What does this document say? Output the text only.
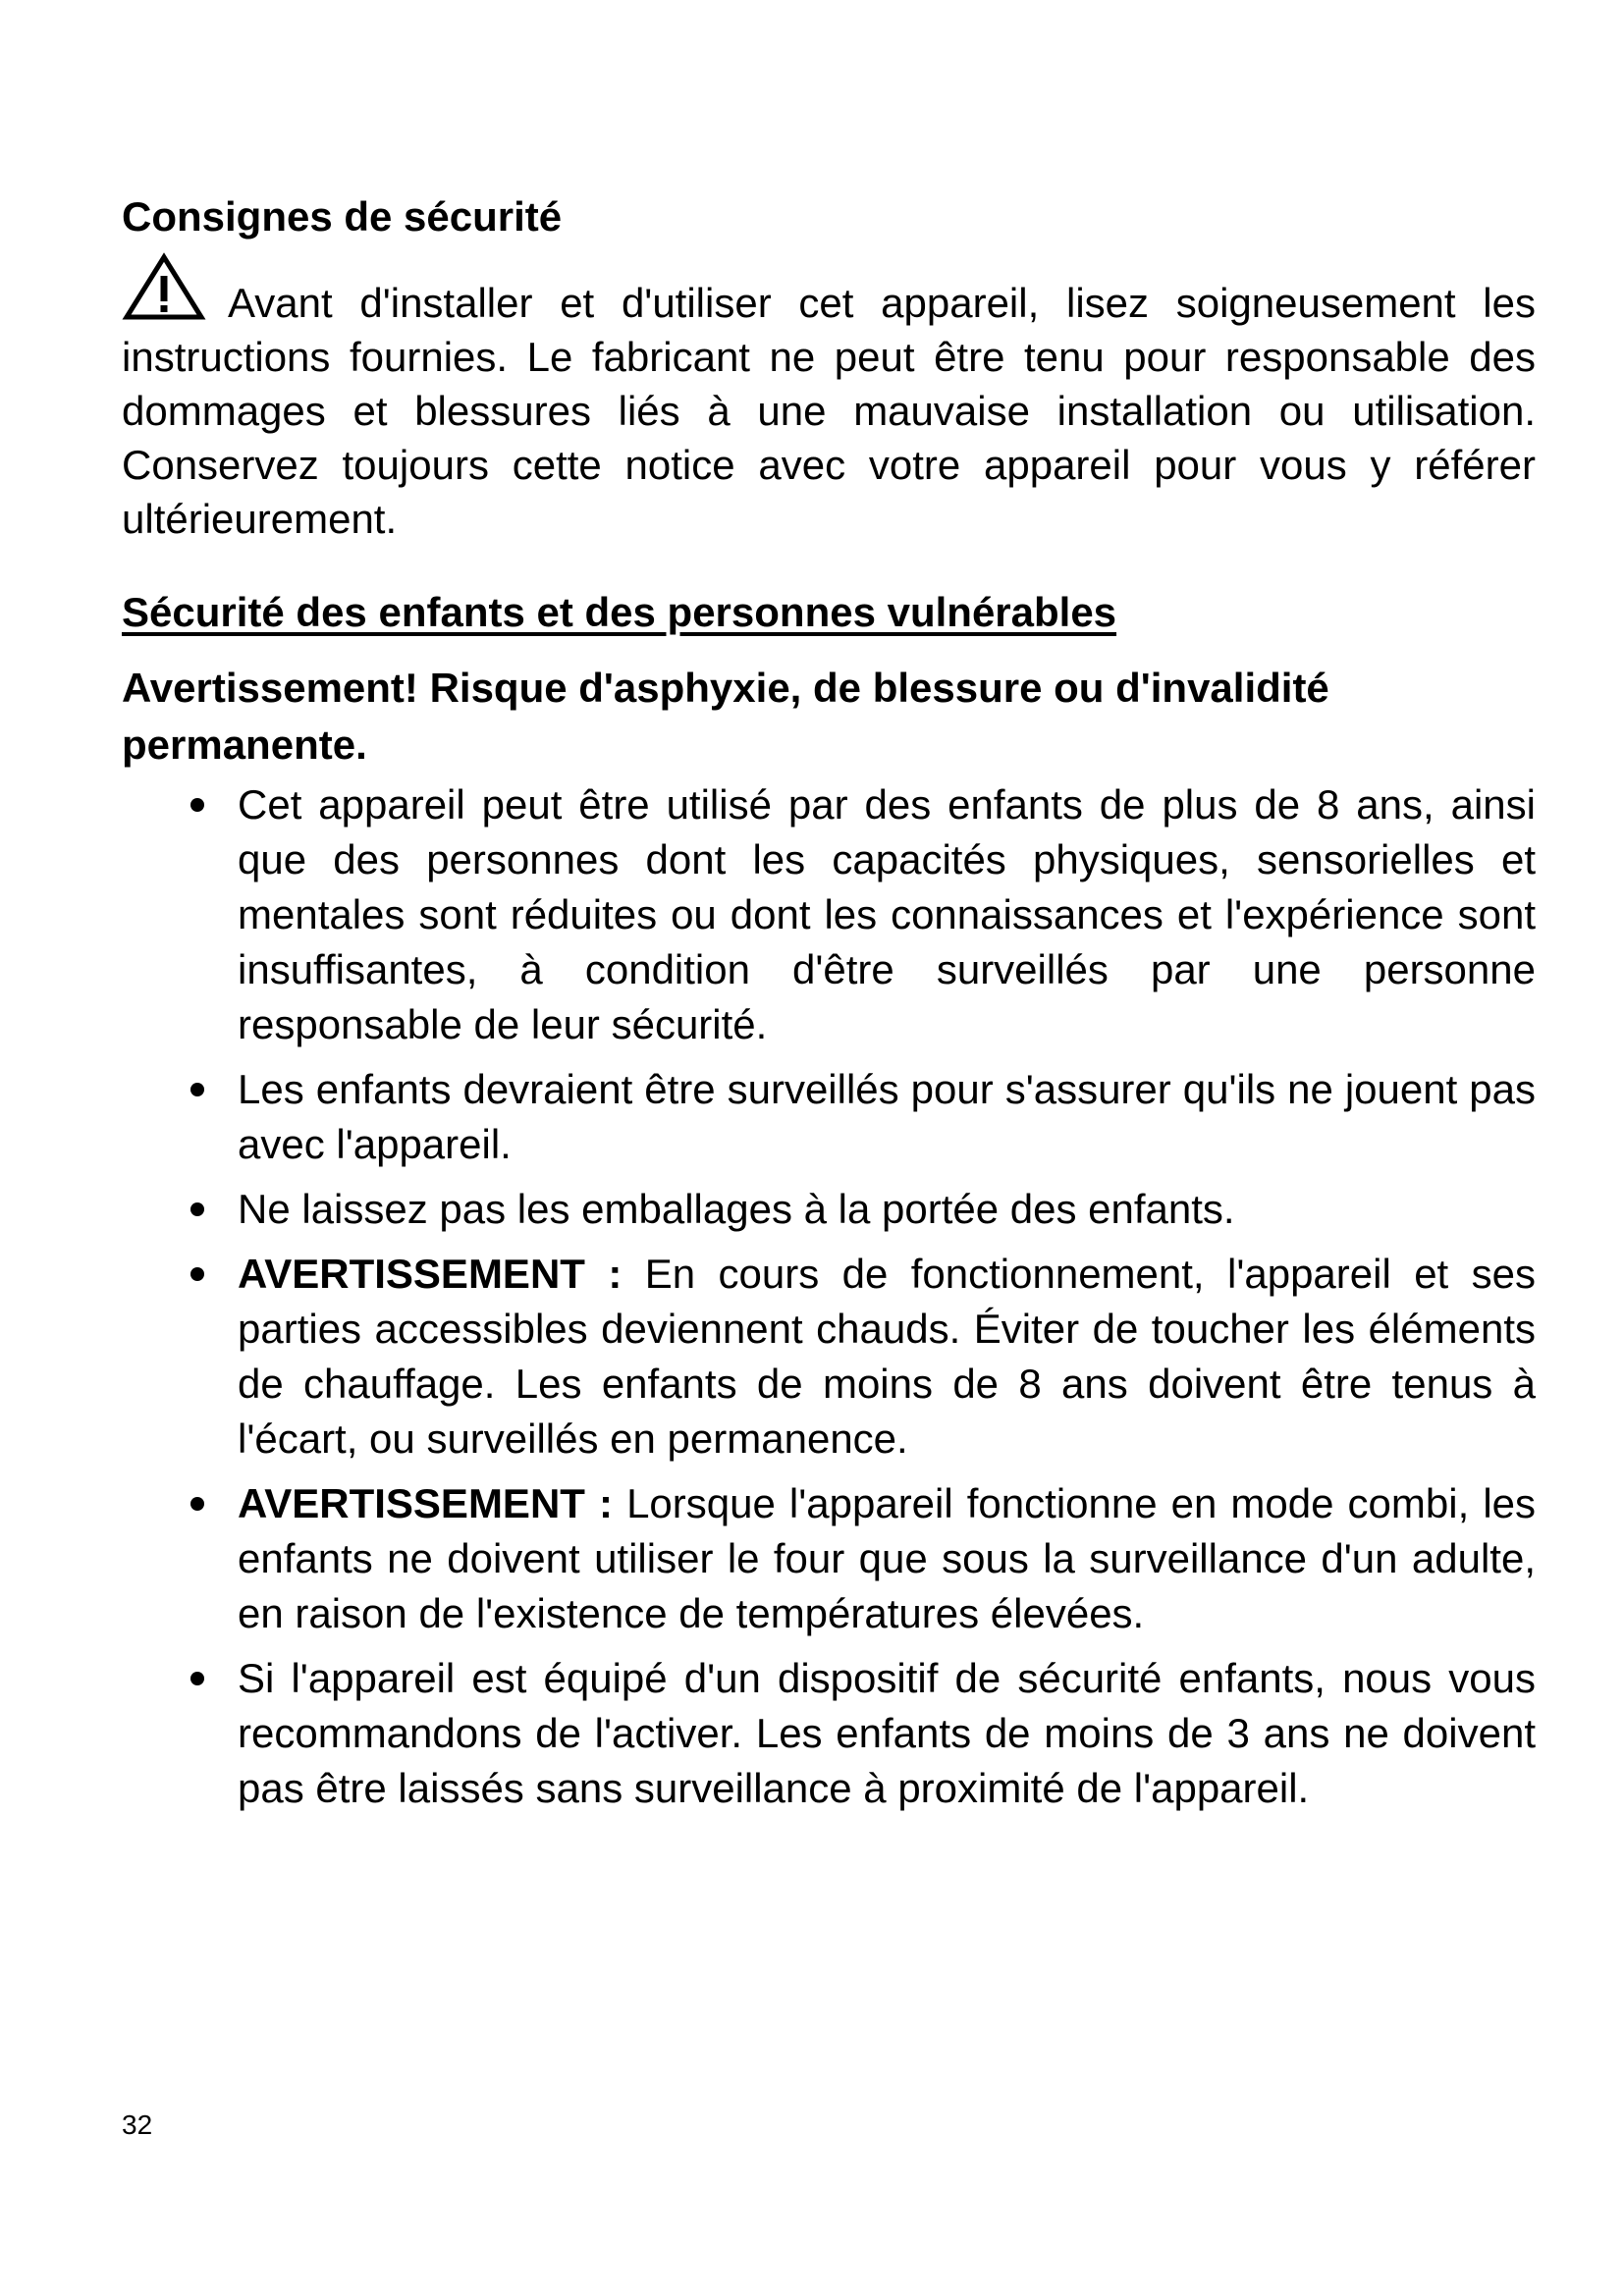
Consignes de sécurité

Avant d'installer et d'utiliser cet appareil, lisez soigneusement les instructions fournies. Le fabricant ne peut être tenu pour responsable des dommages et blessures liés à une mauvaise installation ou utilisation. Conservez toujours cette notice avec votre appareil pour vous y référer ultérieurement.

Sécurité des enfants et des personnes vulnérables

Avertissement! Risque d'asphyxie, de blessure ou d'invalidité permanente.

Cet appareil peut être utilisé par des enfants de plus de 8 ans, ainsi que des personnes dont les capacités physiques, sensorielles et mentales sont réduites ou dont les connaissances et l'expérience sont insuffisantes, à condition d'être surveillés par une personne responsable de leur sécurité.
Les enfants devraient être surveillés pour s'assurer qu'ils ne jouent pas avec l'appareil.
Ne laissez pas les emballages à la portée des enfants.
AVERTISSEMENT : En cours de fonctionnement, l'appareil et ses parties accessibles deviennent chauds. Éviter de toucher les éléments de chauffage. Les enfants de moins de 8 ans doivent être tenus à l'écart, ou surveillés en permanence.
AVERTISSEMENT : Lorsque l'appareil fonctionne en mode combi, les enfants ne doivent utiliser le four que sous la surveillance d'un adulte, en raison de l'existence de températures élevées.
Si l'appareil est équipé d'un dispositif de sécurité enfants, nous vous recommandons de l'activer. Les enfants de moins de 3 ans ne doivent pas être laissés sans surveillance à proximité de l'appareil.
32
